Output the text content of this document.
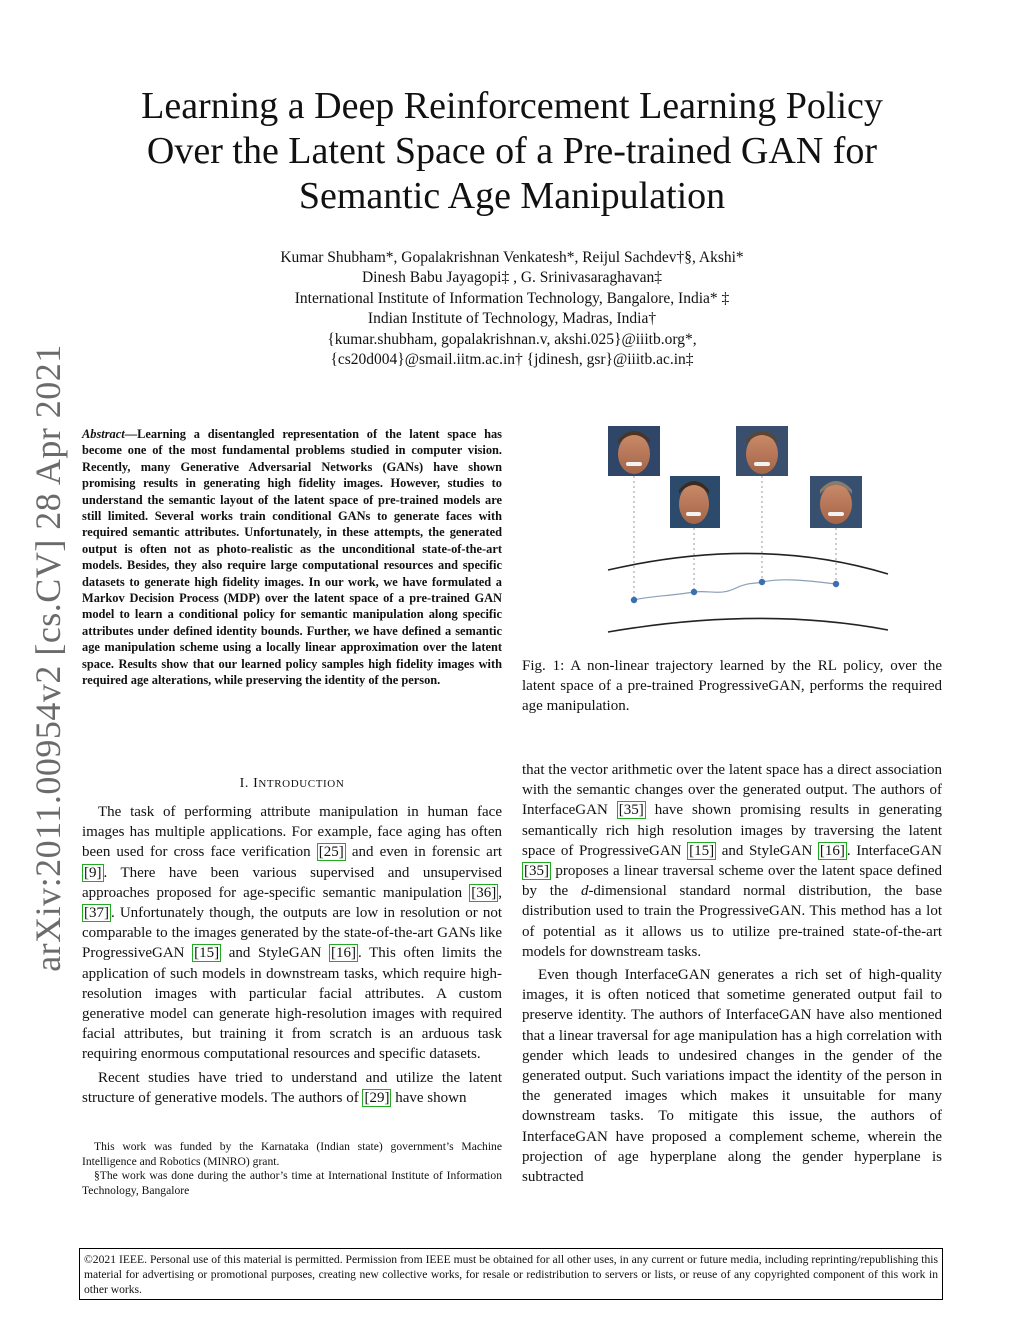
arXiv:2011.00954v2 [cs.CV] 28 Apr 2021
Learning a Deep Reinforcement Learning Policy
Over the Latent Space of a Pre-trained GAN for
Semantic Age Manipulation
Kumar Shubham*, Gopalakrishnan Venkatesh*, Reijul Sachdev†§, Akshi*
Dinesh Babu Jayagopi‡ , G. Srinivasaraghavan‡
International Institute of Information Technology, Bangalore, India* ‡
Indian Institute of Technology, Madras, India†
{kumar.shubham, gopalakrishnan.v, akshi.025}@iiitb.org*,
{cs20d004}@smail.iitm.ac.in† {jdinesh, gsr}@iiitb.ac.in‡
Abstract—Learning a disentangled representation of the latent space has become one of the most fundamental problems studied in computer vision. Recently, many Generative Adversarial Networks (GANs) have shown promising results in generating high fidelity images. However, studies to understand the semantic layout of the latent space of pre-trained models are still limited. Several works train conditional GANs to generate faces with required semantic attributes. Unfortunately, in these attempts, the generated output is often not as photo-realistic as the unconditional state-of-the-art models. Besides, they also require large computational resources and specific datasets to generate high fidelity images. In our work, we have formulated a Markov Decision Process (MDP) over the latent space of a pre-trained GAN model to learn a conditional policy for semantic manipulation along specific attributes under defined identity bounds. Further, we have defined a semantic age manipulation scheme using a locally linear approximation over the latent space. Results show that our learned policy samples high fidelity images with required age alterations, while preserving the identity of the person.
I. INTRODUCTION

The task of performing attribute manipulation in human face images has multiple applications. For example, face aging has often been used for cross face verification [25] and even in forensic art [9] . There have been various supervised and unsupervised approaches proposed for age-specific semantic manipulation [36] , [37] . Unfortunately though, the outputs are low in resolution or not comparable to the images generated by the state-of-the-art GANs like ProgressiveGAN [15] and StyleGAN [16] . This often limits the application of such models in downstream tasks, which require high-resolution images with particular facial attributes. A custom generative model can generate high-resolution images with required facial attributes, but training it from scratch is an arduous task requiring enormous computational resources and specific datasets.

Recent studies have tried to understand and utilize the latent structure of generative models. The authors of [29] have shown

This work was funded by the Karnataka (Indian state) government’s Machine Intelligence and Robotics (MINRO) grant.

§The work was done during the author’s time at International Institute of Information Technology, Bangalore

Fig. 1: A non-linear trajectory learned by the RL policy, over the latent space of a pre-trained ProgressiveGAN, performs the required age manipulation.

that the vector arithmetic over the latent space has a direct association with the semantic changes over the generated output. The authors of InterfaceGAN [35] have shown promising results in generating semantically rich high resolution images by traversing the latent space of ProgressiveGAN [15] and StyleGAN [16] . InterfaceGAN [35] proposes a linear traversal scheme over the latent space defined by the d-dimensional standard normal distribution, the base distribution used to train the ProgressiveGAN. This method has a lot of potential as it allows us to utilize pre-trained state-of-the-art models for downstream tasks.

Even though InterfaceGAN generates a rich set of high-quality images, it is often noticed that sometime generated output fail to preserve identity. The authors of InterfaceGAN have also mentioned that a linear traversal for age manipulation has a high correlation with gender which leads to undesired changes in the gender of the generated output. Such variations impact the identity of the person in the generated images which makes it unsuitable for many downstream tasks. To mitigate this issue, the authors of InterfaceGAN have proposed a complement scheme, wherein the projection of age hyperplane along the gender hyperplane is subtracted

©2021 IEEE. Personal use of this material is permitted. Permission from IEEE must be obtained for all other uses, in any current or future media, including reprinting/republishing this material for advertising or promotional purposes, creating new collective works, for resale or redistribution to servers or lists, or reuse of any copyrighted component of this work in other works.
